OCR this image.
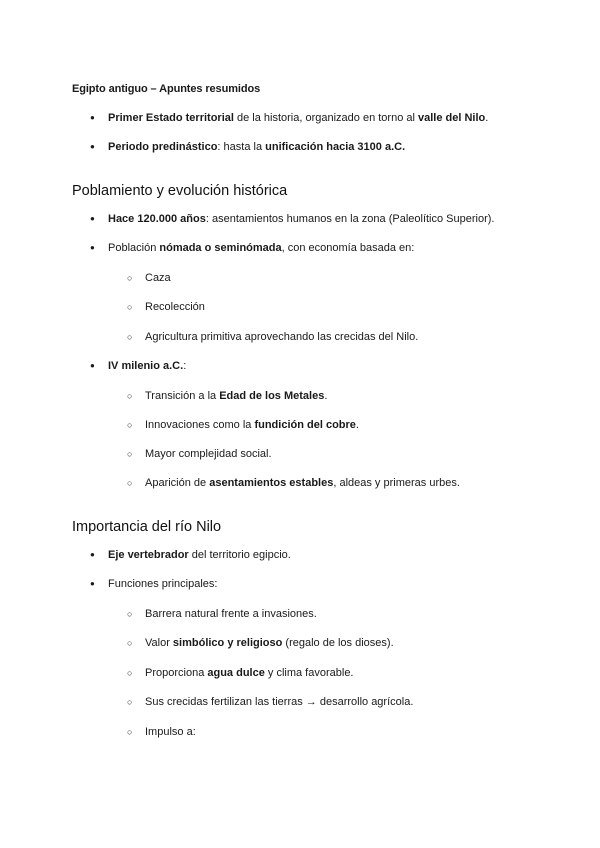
Egipto antiguo – Apuntes resumidos
● Primer Estado territorial de la historia, organizado en torno al valle del Nilo.
● Periodo predinástico: hasta la unificación hacia 3100 a.C.
Poblamiento y evolución histórica
● Hace 120.000 años: asentamientos humanos en la zona (Paleolítico Superior).
● Población nómada o seminómada, con economía basada en:
○ Caza
○ Recolección
○ Agricultura primitiva aprovechando las crecidas del Nilo.
● IV milenio a.C.:
○ Transición a la Edad de los Metales.
○ Innovaciones como la fundición del cobre.
○ Mayor complejidad social.
○ Aparición de asentamientos estables, aldeas y primeras urbes.
Importancia del río Nilo
● Eje vertebrador del territorio egipcio.
● Funciones principales:
○ Barrera natural frente a invasiones.
○ Valor simbólico y religioso (regalo de los dioses).
○ Proporciona agua dulce y clima favorable.
○ Sus crecidas fertilizan las tierras → desarrollo agrícola.
○ Impulso a:
